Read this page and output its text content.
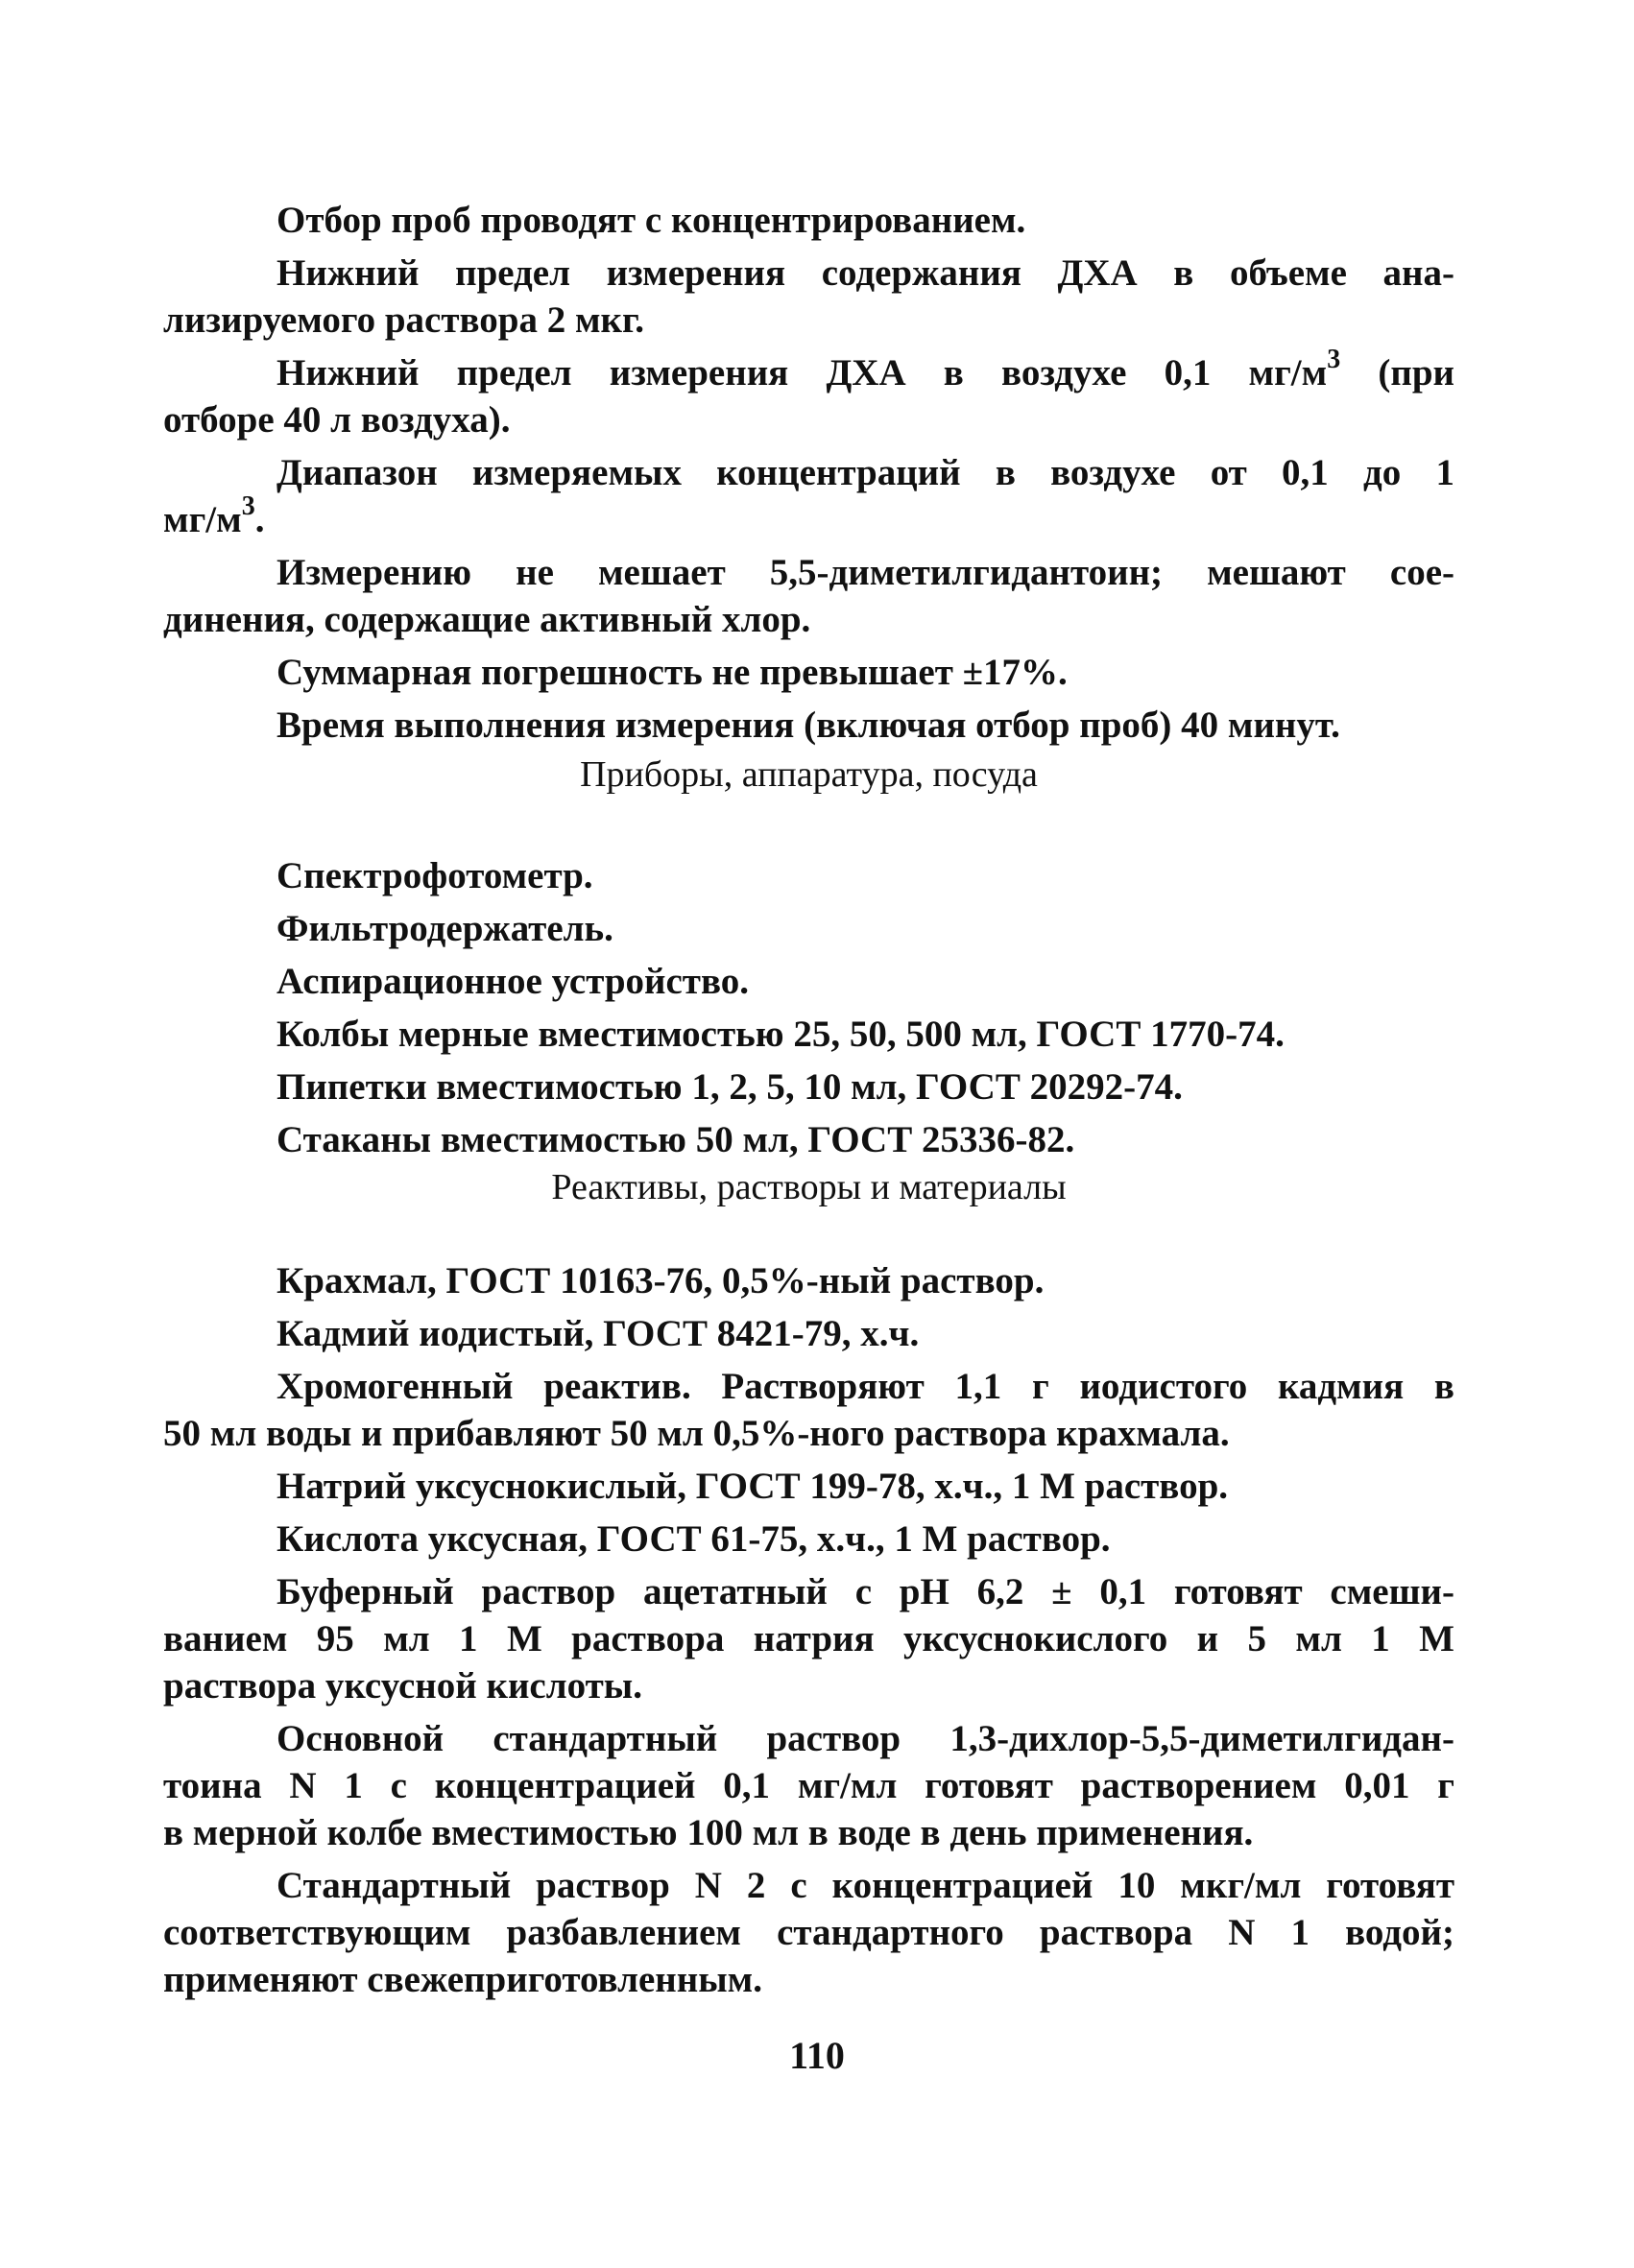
Отбор проб проводят с концентрированием.
Нижний предел измерения содержания ДХА в объеме ана-
лизируемого раствора 2 мкг.
Нижний предел измерения ДХА в воздухе 0,1 $мг/м^3$ (при
отборе 40 л воздуха).
Диапазон измеряемых концентраций в воздухе от 0,1 до 1
$мг/м^3$.
Измерению не мешает 5,5-диметилгидантоин; мешают сое-
динения, содержащие активный хлор.
Суммарная погрешность не превышает ±17%.
Время выполнения измерения (включая отбор проб) 40 минут.
Приборы, аппаратура, посуда
Спектрофотометр.
Фильтродержатель.
Аспирационное устройство.
Колбы мерные вместимостью 25, 50, 500 мл, ГОСТ 1770-74.
Пипетки вместимостью 1, 2, 5, 10 мл, ГОСТ 20292-74.
Стаканы вместимостью 50 мл, ГОСТ 25336-82.
Реактивы, растворы и материалы
Крахмал, ГОСТ 10163-76, 0,5%-ный раствор.
Кадмий иодистый, ГОСТ 8421-79, х.ч.
Хромогенный реактив. Растворяют 1,1 г иодистого кадмия в
50 мл воды и прибавляют 50 мл 0,5%-ного раствора крахмала.
Натрий уксуснокислый, ГОСТ 199-78, х.ч., 1 М раствор.
Кислота уксусная, ГОСТ 61-75, х.ч., 1 М раствор.
Буферный раствор ацетатный с pH 6,2 ± 0,1 готовят смеши-
ванием 95 мл 1 М раствора натрия уксуснокислого и 5 мл 1 М
раствора уксусной кислоты.
Основной стандартный раствор 1,3-дихлор-5,5-диметилгидан-
тоина N 1 с концентрацией 0,1 мг/мл готовят растворением 0,01 г
в мерной колбе вместимостью 100 мл в воде в день применения.
Стандартный раствор N 2 с концентрацией 10 мкг/мл готовят
соответствующим разбавлением стандартного раствора N 1 водой;
применяют свежеприготовленным.
110
